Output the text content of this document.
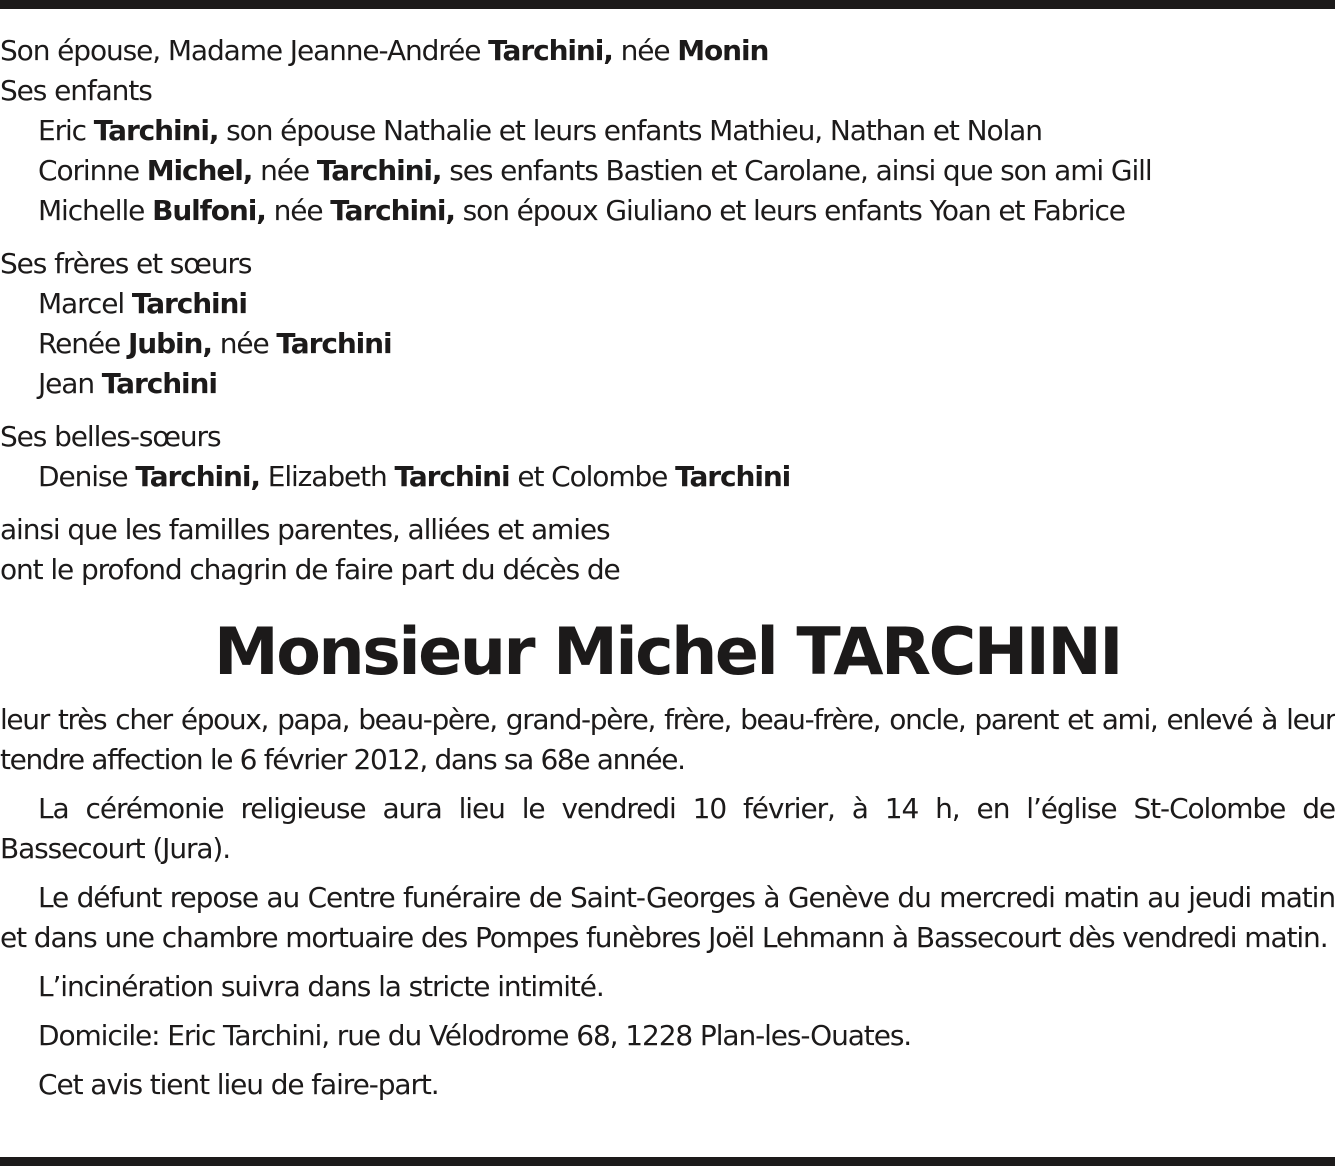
Son épouse, Madame Jeanne-Andrée Tarchini, née Monin
Ses enfants
Eric Tarchini, son épouse Nathalie et leurs enfants Mathieu, Nathan et Nolan
Corinne Michel, née Tarchini, ses enfants Bastien et Carolane, ainsi que son ami Gill
Michelle Bulfoni, née Tarchini, son époux Giuliano et leurs enfants Yoan et Fabrice
Ses frères et sœurs
Marcel Tarchini
Renée Jubin, née Tarchini
Jean Tarchini
Ses belles-sœurs
Denise Tarchini, Elizabeth Tarchini et Colombe Tarchini
ainsi que les familles parentes, alliées et amies
ont le profond chagrin de faire part du décès de
Monsieur Michel TARCHINI

leur très cher époux, papa, beau-père, grand-père, frère, beau-frère, oncle, parent et ami, enlevé à leur tendre affection le 6 février 2012, dans sa 68e année.

La cérémonie religieuse aura lieu le vendredi 10 février, à 14 h, en l’église St-Colombe de Bassecourt (Jura).

Le défunt repose au Centre funéraire de Saint-Georges à Genève du mercredi matin au jeudi matin et dans une chambre mortuaire des Pompes funèbres Joël Lehmann à Bassecourt dès vendredi matin.

L’incinération suivra dans la stricte intimité.

Domicile: Eric Tarchini, rue du Vélodrome 68, 1228 Plan-les-Ouates.

Cet avis tient lieu de faire-part.
